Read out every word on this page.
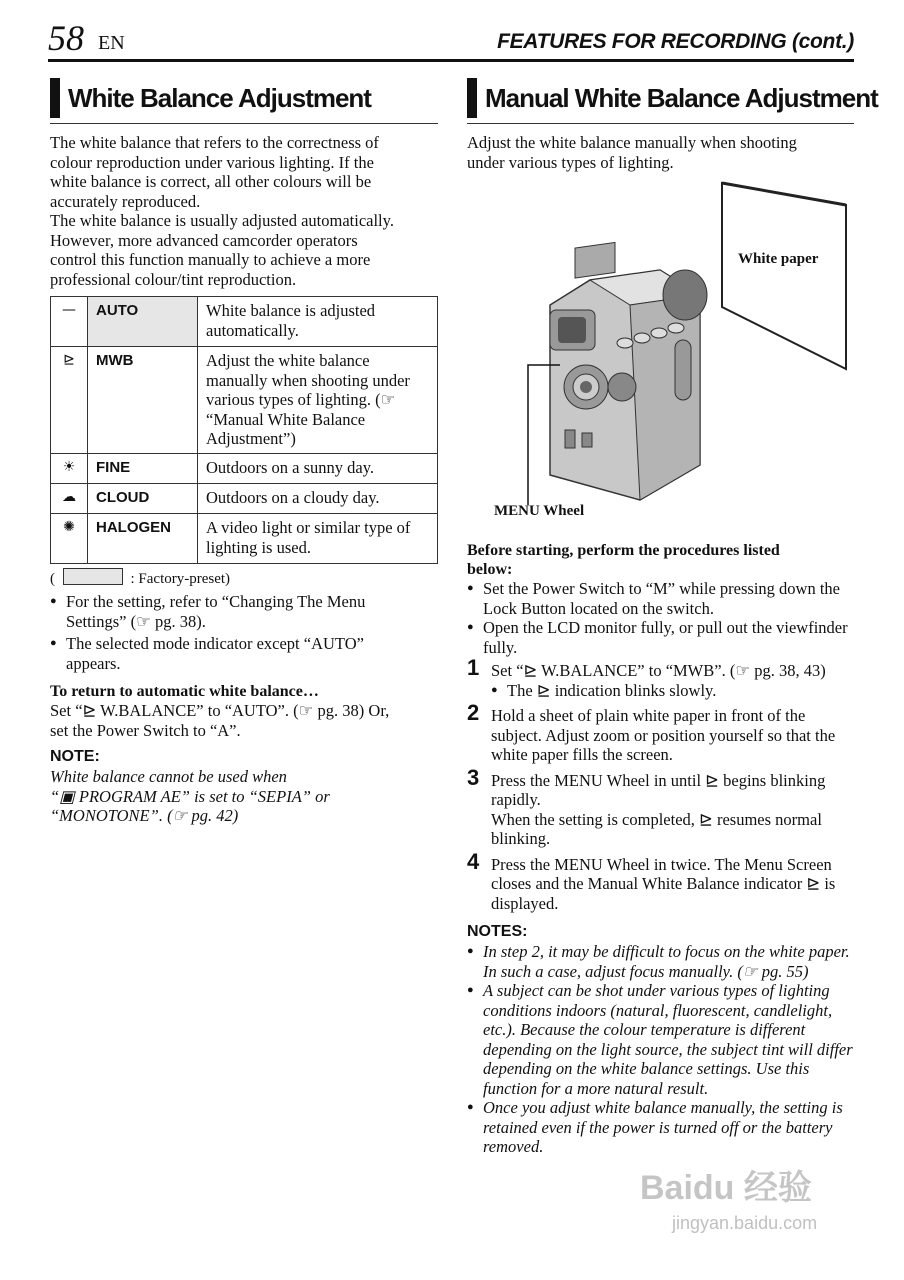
58 EN	FEATURES FOR RECORDING (cont.)
White Balance Adjustment
The white balance that refers to the correctness of
colour reproduction under various lighting. If the
white balance is correct, all other colours will be
accurately reproduced.
The white balance is usually adjusted automatically.
However, more advanced camcorder operators
control this function manually to achieve a more
professional colour/tint reproduction.
—	AUTO	White balance is adjusted automatically.
⊵	MWB	Adjust the white balance manually when shooting under various types of lighting. (☞ “Manual White Balance Adjustment”)
☀	FINE	Outdoors on a sunny day.
☁	CLOUD	Outdoors on a cloudy day.
✺	HALOGEN	A video light or similar type of lighting is used.
(	: Factory-preset)
● For the setting, refer to “Changing The Menu Settings” (☞ pg. 38).
● The selected mode indicator except “AUTO” appears.
To return to automatic white balance…
Set “⊵ W.BALANCE” to “AUTO”. (☞ pg. 38) Or,
set the Power Switch to “A”.
NOTE:
White balance cannot be used when
“▣ PROGRAM AE” is set to “SEPIA” or
“MONOTONE”. (☞ pg. 42)
Manual White Balance Adjustment
Adjust the white balance manually when shooting
under various types of lighting.
White paper
MENU Wheel
Before starting, perform the procedures listed
below:
● Set the Power Switch to “M” while pressing down the Lock Button located on the switch.
● Open the LCD monitor fully, or pull out the viewfinder fully.
1 Set “⊵ W.BALANCE” to “MWB”. (☞ pg. 38, 43)
● The ⊵ indication blinks slowly.
2 Hold a sheet of plain white paper in front of the subject. Adjust zoom or position yourself so that the white paper fills the screen.
3 Press the MENU Wheel in until ⊵ begins blinking rapidly.
When the setting is completed, ⊵ resumes normal blinking.
4 Press the MENU Wheel in twice. The Menu Screen closes and the Manual White Balance indicator ⊵ is displayed.
NOTES:
● In step 2, it may be difficult to focus on the white paper. In such a case, adjust focus manually. (☞ pg. 55)
● A subject can be shot under various types of lighting conditions indoors (natural, fluorescent, candlelight, etc.). Because the colour temperature is different depending on the light source, the subject tint will differ depending on the white balance settings. Use this function for a more natural result.
● Once you adjust white balance manually, the setting is retained even if the power is turned off or the battery removed.
Baidu 经验
jingyan.baidu.com
